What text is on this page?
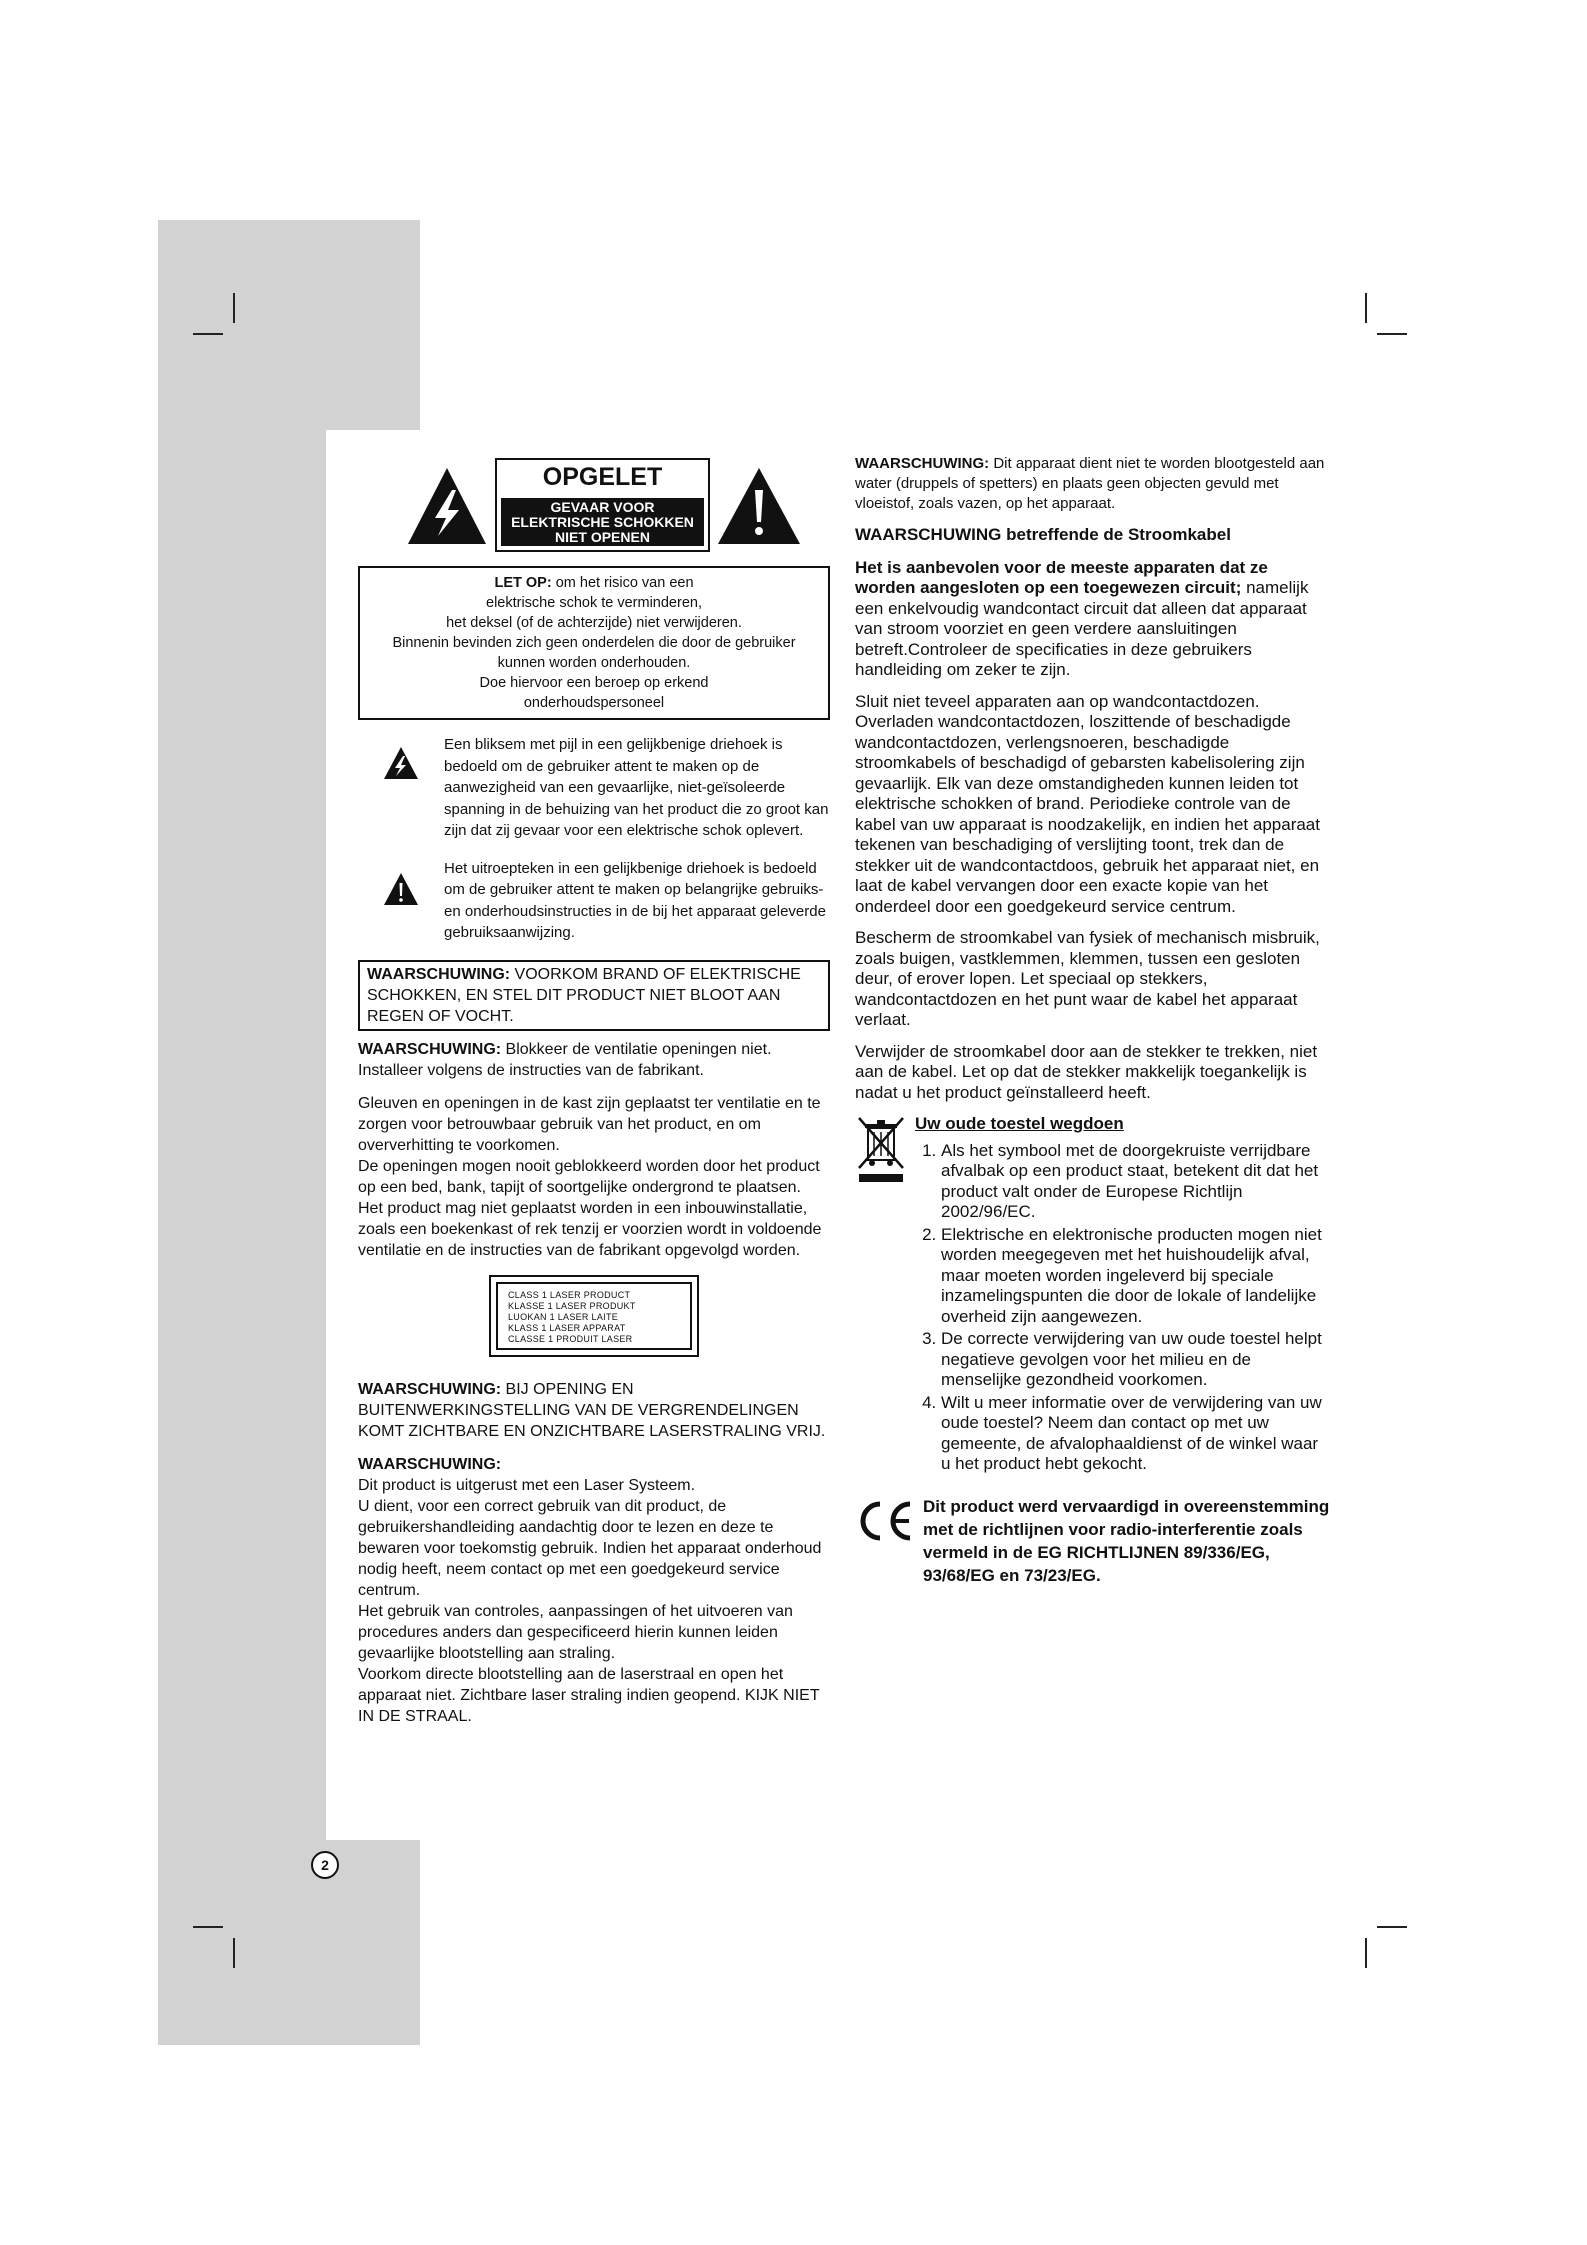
OPGELET
GEVAAR VOOR
ELEKTRISCHE SCHOKKEN
NIET OPENEN
LET OP: om het risico van een
elektrische schok te verminderen,
het deksel (of de achterzijde) niet verwijderen.
Binnenin bevinden zich geen onderdelen die door de gebruiker
kunnen worden onderhouden.
Doe hiervoor een beroep op erkend
onderhoudspersoneel
Een bliksem met pijl in een gelijkbenige driehoek is bedoeld om de gebruiker attent te maken op de aanwezigheid van een gevaarlijke, niet-geïsoleerde spanning in de behuizing van het product die zo groot kan zijn dat zij gevaar voor een elektrische schok oplevert.
Het uitroepteken in een gelijkbenige driehoek is bedoeld om de gebruiker attent te maken op belangrijke gebruiks- en onderhoudsinstructies in de bij het apparaat geleverde gebruiksaanwijzing.
WAARSCHUWING: VOORKOM BRAND OF ELEKTRISCHE SCHOKKEN, EN STEL DIT PRODUCT NIET BLOOT AAN REGEN OF VOCHT.

WAARSCHUWING: Blokkeer de ventilatie openingen niet. Installeer volgens de instructies van de fabrikant.

Gleuven en openingen in de kast zijn geplaatst ter ventilatie en te zorgen voor betrouwbaar gebruik van het product, en om oververhitting te voorkomen.

De openingen mogen nooit geblokkeerd worden door het product op een bed, bank, tapijt of soortgelijke ondergrond te plaatsen. Het product mag niet geplaatst worden in een inbouwinstallatie, zoals een boekenkast of rek tenzij er voorzien wordt in voldoende ventilatie en de instructies van de fabrikant opgevolgd worden.

CLASS 1 LASER PRODUCT
KLASSE 1 LASER PRODUKT
LUOKAN 1 LASER LAITE
KLASS 1 LASER APPARAT
CLASSE 1 PRODUIT LASER

WAARSCHUWING: BIJ OPENING EN BUITENWERKINGSTELLING VAN DE VERGRENDELINGEN KOMT ZICHTBARE EN ONZICHTBARE LASERSTRALING VRIJ.

WAARSCHUWING:
Dit product is uitgerust met een Laser Systeem.
U dient, voor een correct gebruik van dit product, de gebruikershandleiding aandachtig door te lezen en deze te bewaren voor toekomstig gebruik. Indien het apparaat onderhoud nodig heeft, neem contact op met een goedgekeurd service centrum.
Het gebruik van controles, aanpassingen of het uitvoeren van procedures anders dan gespecificeerd hierin kunnen leiden gevaarlijke blootstelling aan straling.
Voorkom directe blootstelling aan de laserstraal en open het apparaat niet. Zichtbare laser straling indien geopend. KIJK NIET IN DE STRAAL.

WAARSCHUWING: Dit apparaat dient niet te worden blootgesteld aan water (druppels of spetters) en plaats geen objecten gevuld met vloeistof, zoals vazen, op het apparaat.

WAARSCHUWING betreffende de Stroomkabel

Het is aanbevolen voor de meeste apparaten dat ze worden aangesloten op een toegewezen circuit; namelijk een enkelvoudig wandcontact circuit dat alleen dat apparaat van stroom voorziet en geen verdere aansluitingen betreft.Controleer de specificaties in deze gebruikers handleiding om zeker te zijn.

Sluit niet teveel apparaten aan op wandcontactdozen. Overladen wandcontactdozen, loszittende of beschadigde wandcontactdozen, verlengsnoeren, beschadigde stroomkabels of beschadigd of gebarsten kabelisolering zijn gevaarlijk. Elk van deze omstandigheden kunnen leiden tot elektrische schokken of brand. Periodieke controle van de kabel van uw apparaat is noodzakelijk, en indien het apparaat tekenen van beschadiging of verslijting toont, trek dan de stekker uit de wandcontactdoos, gebruik het apparaat niet, en laat de kabel vervangen door een exacte kopie van het onderdeel door een goedgekeurd service centrum.

Bescherm de stroomkabel van fysiek of mechanisch misbruik, zoals buigen, vastklemmen, klemmen, tussen een gesloten deur, of erover lopen. Let speciaal op stekkers, wandcontactdozen en het punt waar de kabel het apparaat verlaat.

Verwijder de stroomkabel door aan de stekker te trekken, niet aan de kabel. Let op dat de stekker makkelijk toegankelijk is nadat u het product geïnstalleerd heeft.

Uw oude toestel wegdoen
1. Als het symbool met de doorgekruiste verrijdbare afvalbak op een product staat, betekent dit dat het product valt onder de Europese Richtlijn 2002/96/EC.
2. Elektrische en elektronische producten mogen niet worden meegegeven met het huishoudelijk afval, maar moeten worden ingeleverd bij speciale inzamelingspunten die door de lokale of landelijke overheid zijn aangewezen.
3. De correcte verwijdering van uw oude toestel helpt negatieve gevolgen voor het milieu en de menselijke gezondheid voorkomen.
4. Wilt u meer informatie over de verwijdering van uw oude toestel? Neem dan contact op met uw gemeente, de afvalophaaldienst of de winkel waar u het product hebt gekocht.
Dit product werd vervaardigd in overeenstemming met de richtlijnen voor radio-interferentie zoals vermeld in de EG RICHTLIJNEN 89/336/EG, 93/68/EG en 73/23/EG.
2
